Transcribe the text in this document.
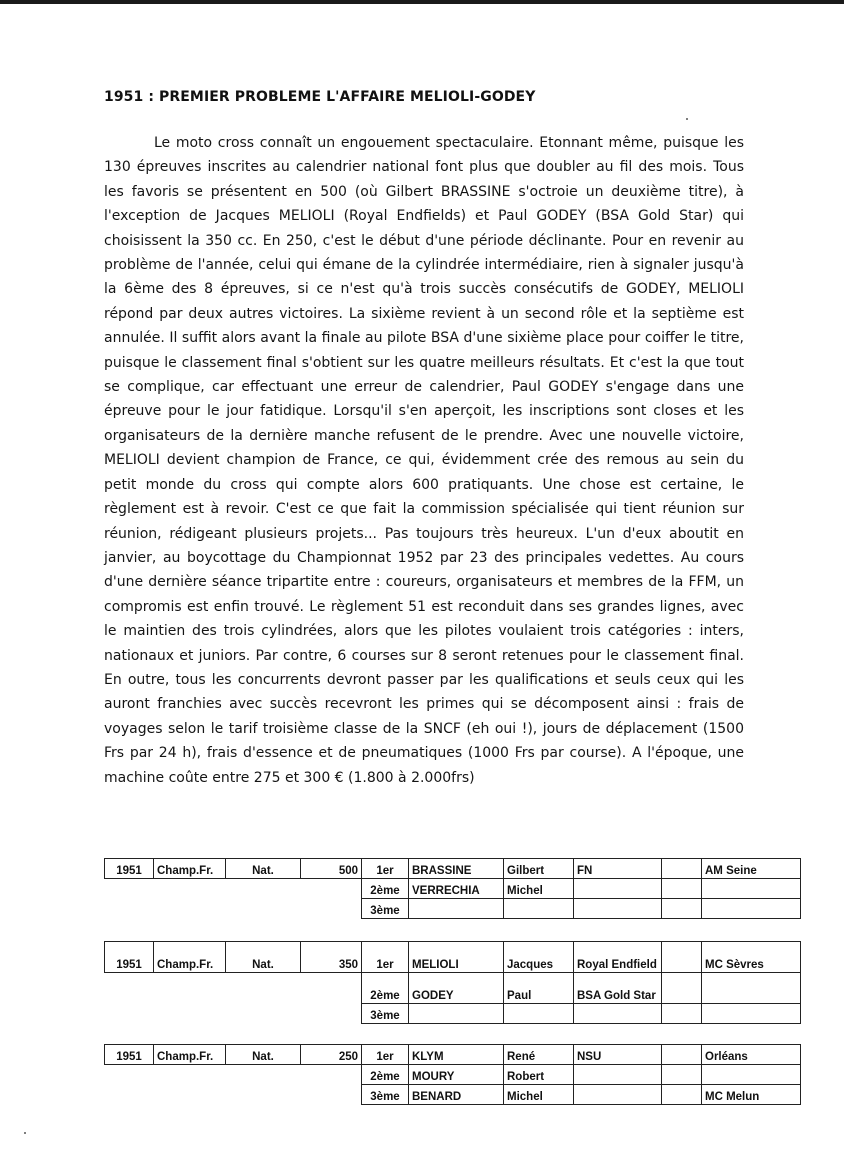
1951 : PREMIER PROBLEME L'AFFAIRE MELIOLI-GODEY

Le moto cross connaît un engouement spectaculaire. Etonnant même, puisque les 130 épreuves inscrites au calendrier national font plus que doubler au fil des mois. Tous les favoris se présentent en 500 (où Gilbert BRASSINE s'octroie un deuxième titre), à l'exception de Jacques MELIOLI (Royal Endfields) et Paul GODEY (BSA Gold Star) qui choisissent la 350 cc. En 250, c'est le début d'une période déclinante. Pour en revenir au problème de l'année, celui qui émane de la cylindrée intermédiaire, rien à signaler jusqu'à la 6ème des 8 épreuves, si ce n'est qu'à trois succès consécutifs de GODEY, MELIOLI répond par deux autres victoires. La sixième revient à un second rôle et la septième est annulée. Il suffit alors avant la finale au pilote BSA d'une sixième place pour coiffer le titre, puisque le classement final s'obtient sur les quatre meilleurs résultats. Et c'est la que tout se complique, car effectuant une erreur de calendrier, Paul GODEY s'engage dans une épreuve pour le jour fatidique. Lorsqu'il s'en aperçoit, les inscriptions sont closes et les organisateurs de la dernière manche refusent de le prendre. Avec une nouvelle victoire, MELIOLI devient champion de France, ce qui, évidemment crée des remous au sein du petit monde du cross qui compte alors 600 pratiquants. Une chose est certaine, le règlement est à revoir. C'est ce que fait la commission spécialisée qui tient réunion sur réunion, rédigeant plusieurs projets... Pas toujours très heureux. L'un d'eux aboutit en janvier, au boycottage du Championnat 1952 par 23 des principales vedettes. Au cours d'une dernière séance tripartite entre : coureurs, organisateurs et membres de la FFM, un compromis est enfin trouvé. Le règlement 51 est reconduit dans ses grandes lignes, avec le maintien des trois cylindrées, alors que les pilotes voulaient trois catégories : inters, nationaux et juniors. Par contre, 6 courses sur 8 seront retenues pour le classement final. En outre, tous les concurrents devront passer par les qualifications et seuls ceux qui les auront franchies avec succès recevront les primes qui se décomposent ainsi : frais de voyages selon le tarif troisième classe de la SNCF (eh oui !), jours de déplacement (1500 Frs par 24 h), frais d'essence et de pneumatiques (1000 Frs par course). A l'époque, une machine coûte entre 275 et 300 € (1.800 à 2.000frs)

1951	Champ.Fr.	Nat.	500	1er	BRASSINE	Gilbert	FN		AM Seine
				2ème	VERRECHIA	Michel			
				3ème					
1951	Champ.Fr.	Nat.	350	1er	MELIOLI	Jacques	Royal Endfield		MC Sèvres
				2ème	GODEY	Paul	BSA Gold Star		
				3ème					
1951	Champ.Fr.	Nat.	250	1er	KLYM	René	NSU		Orléans
				2ème	MOURY	Robert			
				3ème	BENARD	Michel			MC Melun
